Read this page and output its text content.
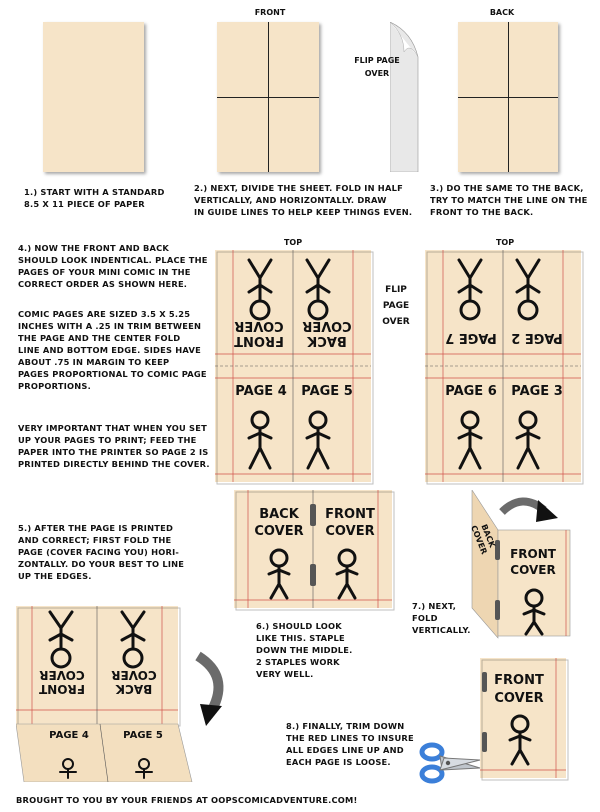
FRONT
FLIP PAGE
OVER
BACK
1.) START WITH A STANDARD
8.5 X 11 PIECE OF PAPER
2.) NEXT, DIVIDE THE SHEET. FOLD IN HALF
VERTICALLY, AND HORIZONTALLY. DRAW
IN GUIDE LINES TO HELP KEEP THINGS EVEN.
3.) DO THE SAME TO THE BACK,
TRY TO MATCH THE LINE ON THE
FRONT TO THE BACK.
4.) NOW THE FRONT AND BACK
SHOULD LOOK INDENTICAL. PLACE THE
PAGES OF YOUR MINI COMIC IN THE
CORRECT ORDER AS SHOWN HERE.
COMIC PAGES ARE SIZED 3.5 X 5.25
INCHES WITH A .25 IN TRIM BETWEEN
THE PAGE AND THE CENTER FOLD
LINE AND BOTTOM EDGE. SIDES HAVE
ABOUT .75 IN MARGIN TO KEEP
PAGES PROPORTIONAL TO COMIC PAGE
PROPORTIONS.
VERY IMPORTANT THAT WHEN YOU SET
UP YOUR PAGES TO PRINT; FEED THE
PAPER INTO THE PRINTER SO PAGE 2 IS
PRINTED DIRECTLY BEHIND THE COVER.
TOP	TOP
FRONT
COVER
BACK
COVER
PAGE 4	PAGE 5
FLIP
PAGE
OVER
PAGE 7	PAGE 2
PAGE 6	PAGE 3
5.) AFTER THE PAGE IS PRINTED
AND CORRECT; FIRST FOLD THE
PAGE (COVER FACING YOU) HORI-
ZONTALLY. DO YOUR BEST TO LINE
UP THE EDGES.
BACK
COVER
FRONT
COVER
FRONT
COVER
BACK
COVER
6.) SHOULD LOOK
LIKE THIS. STAPLE
DOWN THE MIDDLE.
2 STAPLES WORK
VERY WELL.
7.) NEXT,
FOLD
VERTICALLY.
FRONT
COVER
BACK
COVER
PAGE 4	PAGE 5
FRONT
COVER
8.) FINALLY, TRIM DOWN
THE RED LINES TO INSURE
ALL EDGES LINE UP AND
EACH PAGE IS LOOSE.
BROUGHT TO YOU BY YOUR FRIENDS AT OOPSCOMICADVENTURE.COM!
